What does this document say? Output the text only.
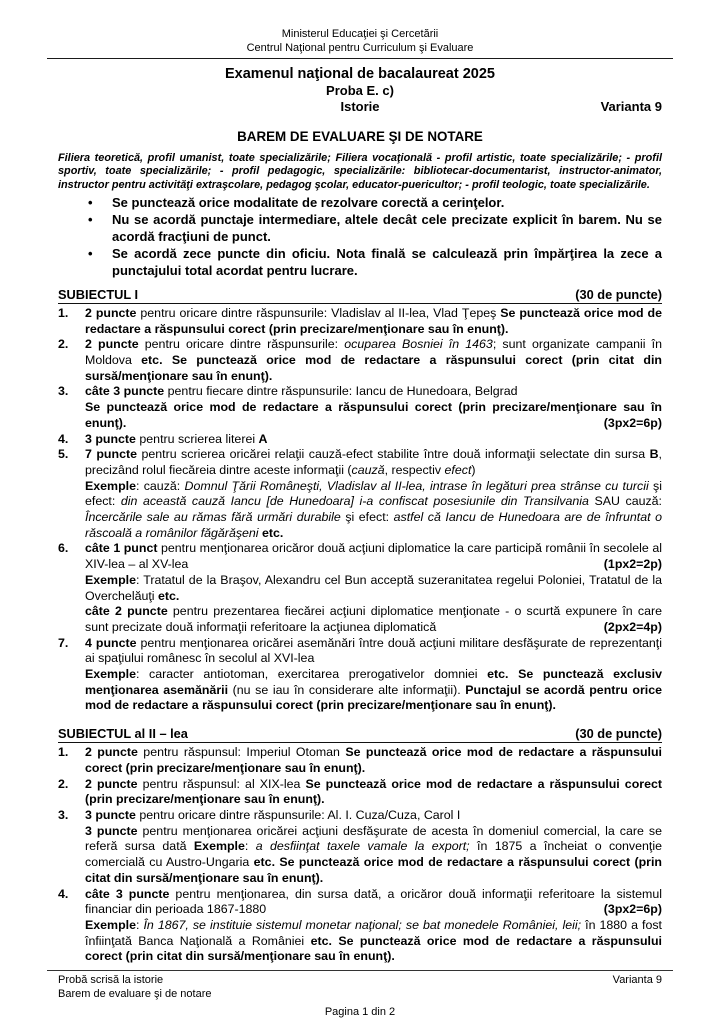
Ministerul Educaţiei şi Cercetării
Centrul Naţional pentru Curriculum şi Evaluare
Examenul naţional de bacalaureat 2025
Proba E. c)
Istorie	Varianta 9
BAREM DE EVALUARE ŞI DE NOTARE
Filiera teoretică, profil umanist, toate specializările; Filiera vocaţională - profil artistic, toate specializările; - profil sportiv, toate specializările; - profil pedagogic, specializările: bibliotecar-documentarist, instructor-animator, instructor pentru activităţi extraşcolare, pedagog şcolar, educator-puericultor; - profil teologic, toate specializările.
•	Se punctează orice modalitate de rezolvare corectă a cerinţelor.
•	Nu se acordă punctaje intermediare, altele decât cele precizate explicit în barem. Nu se acordă fracţiuni de punct.
•	Se acordă zece puncte din oficiu. Nota finală se calculează prin împărţirea la zece a punctajului total acordat pentru lucrare.
SUBIECTUL I	(30 de puncte)
1.	2 puncte pentru oricare dintre răspunsurile: Vladislav al II-lea, Vlad Ţepeş Se punctează orice mod de redactare a răspunsului corect (prin precizare/menţionare sau în enunţ).
2.	2 puncte pentru oricare dintre răspunsurile: ocuparea Bosniei în 1463; sunt organizate campanii în Moldova etc. Se punctează orice mod de redactare a răspunsului corect (prin citat din sursă/menţionare sau în enunţ).
3.	câte 3 puncte pentru fiecare dintre răspunsurile: Iancu de Hunedoara, Belgrad
Se punctează orice mod de redactare a răspunsului corect (prin precizare/menţionare sau în enunţ).	(3px2=6p)
4.	3 puncte pentru scrierea literei A
5.	7 puncte pentru scrierea oricărei relaţii cauză-efect stabilite între două informaţii selectate din sursa B, precizând rolul fiecăreia dintre aceste informaţii (cauză, respectiv efect)
Exemple: cauză: Domnul Ţării Româneşti, Vladislav al II-lea, intrase în legături prea strânse cu turcii şi efect: din această cauză Iancu [de Hunedoara] i-a confiscat posesiunile din Transilvania SAU cauză: Încercările sale au rămas fără urmări durabile şi efect: astfel că Iancu de Hunedoara are de înfruntat o răscoală a românilor făgărăşeni etc.
6.	câte 1 punct pentru menţionarea oricăror două acţiuni diplomatice la care participă românii în secolele al XIV-lea – al XV-lea	(1px2=2p)
Exemple: Tratatul de la Braşov, Alexandru cel Bun acceptă suzeranitatea regelui Poloniei, Tratatul de la Overchelăuţi etc.
câte 2 puncte pentru prezentarea fiecărei acţiuni diplomatice menţionate - o scurtă expunere în care sunt precizate două informaţii referitoare la acţiunea diplomatică	(2px2=4p)
7.	4 puncte pentru menţionarea oricărei asemănări între două acţiuni militare desfăşurate de reprezentanţi ai spaţiului românesc în secolul al XVI-lea
Exemple: caracter antiotoman, exercitarea prerogativelor domniei etc. Se punctează exclusiv menţionarea asemănării (nu se iau în considerare alte informaţii). Punctajul se acordă pentru orice mod de redactare a răspunsului corect (prin precizare/menţionare sau în enunţ).
SUBIECTUL al II – lea	(30 de puncte)
1.	2 puncte pentru răspunsul: Imperiul Otoman Se punctează orice mod de redactare a răspunsului corect (prin precizare/menţionare sau în enunţ).
2.	2 puncte pentru răspunsul: al XIX-lea Se punctează orice mod de redactare a răspunsului corect (prin precizare/menţionare sau în enunţ).
3.	3 puncte pentru oricare dintre răspunsurile: Al. I. Cuza/Cuza, Carol I
3 puncte pentru menţionarea oricărei acţiuni desfăşurate de acesta în domeniul comercial, la care se referă sursa dată Exemple: a desfiinţat taxele vamale la export; în 1875 a încheiat o convenţie comercială cu Austro-Ungaria etc. Se punctează orice mod de redactare a răspunsului corect (prin citat din sursă/menţionare sau în enunţ).
4.	câte 3 puncte pentru menţionarea, din sursa dată, a oricăror două informaţii referitoare la sistemul financiar din perioada 1867-1880	(3px2=6p)
Exemple: În 1867, se instituie sistemul monetar naţional; se bat monedele României, leii; în 1880 a fost înfiinţată Banca Naţională a României etc. Se punctează orice mod de redactare a răspunsului corect (prin citat din sursă/menţionare sau în enunţ).
Probă scrisă la istorie	Varianta 9
Barem de evaluare şi de notare
Pagina 1 din 2
